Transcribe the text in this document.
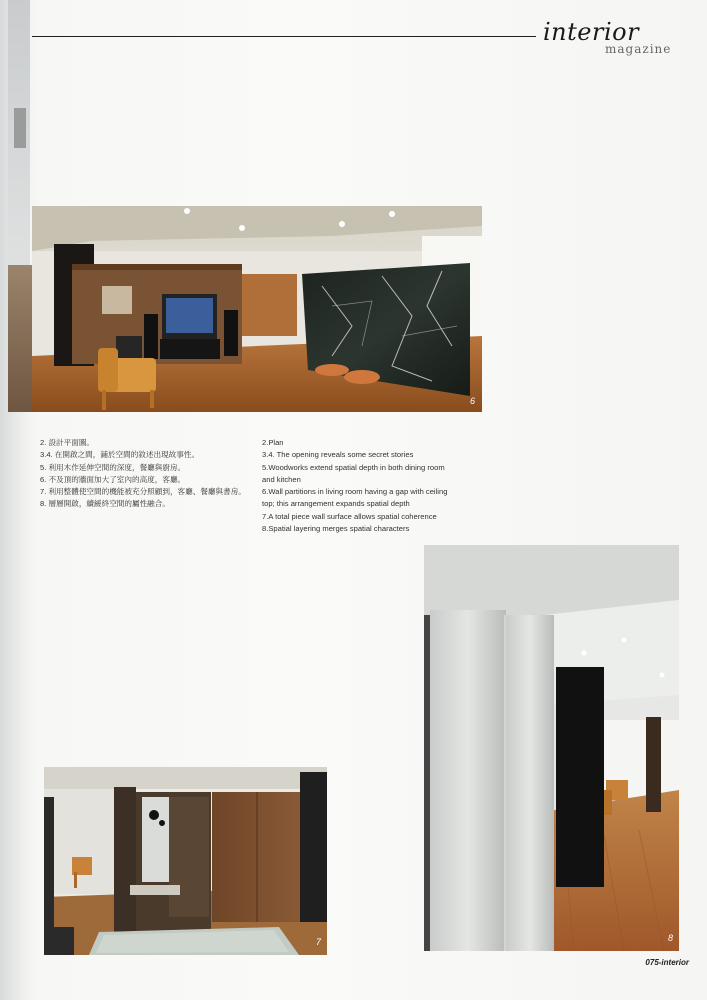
interior
magazine
6
2. 設計平面圖。
3.4. 在開啟之間，鋪於空間的敘述出現故事性。
5. 利用木作延伸空間的深度，餐廳與廚房。
6. 不及頂的牆面加大了室內的高度，客廳。
7. 利用整體使空間的機能被充分照顧到，客廳、餐廳與書房。
8. 層層開啟，續緩終空間的屬性融合。
2.Plan
3.4. The opening reveals some secret stories
5.Woodworks extend spatial depth in both dining room
and kitchen
6.Wall partitions in living room having a gap with ceiling
top; this arrangement expands spatial depth
7.A total piece wall surface allows spatial coherence
8.Spatial layering merges spatial characters
8
7
075-interior
